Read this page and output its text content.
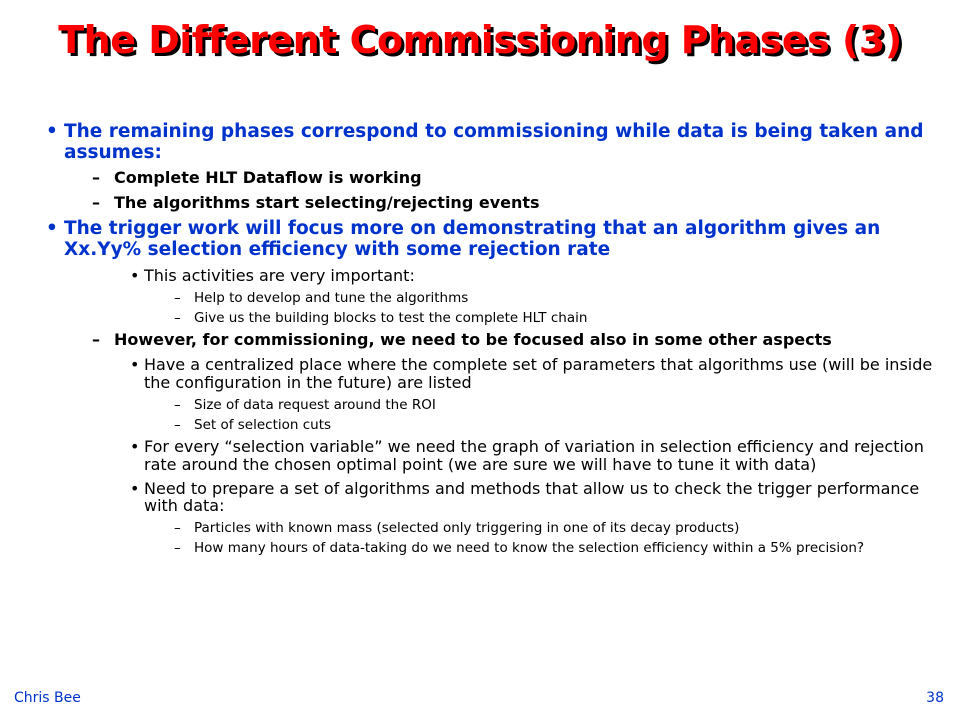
The Different Commissioning Phases (3)
• The remaining phases correspond to commissioning while data is being taken and assumes:
– Complete HLT Dataflow is working
– The algorithms start selecting/rejecting events
• The trigger work will focus more on demonstrating that an algorithm gives an Xx.Yy% selection efficiency with some rejection rate
• This activities are very important:
– Help to develop and tune the algorithms
– Give us the building blocks to test the complete HLT chain
– However, for commissioning, we need to be focused also in some other aspects
• Have a centralized place where the complete set of parameters that algorithms use (will be inside the configuration in the future) are listed
– Size of data request around the ROI
– Set of selection cuts
• For every “selection variable” we need the graph of variation in selection efficiency and rejection rate around the chosen optimal point (we are sure we will have to tune it with data)
• Need to prepare a set of algorithms and methods that allow us to check the trigger performance with data:
– Particles with known mass (selected only triggering in one of its decay products)
– How many hours of data-taking do we need to know the selection efficiency within a 5% precision?
Chris Bee	38
